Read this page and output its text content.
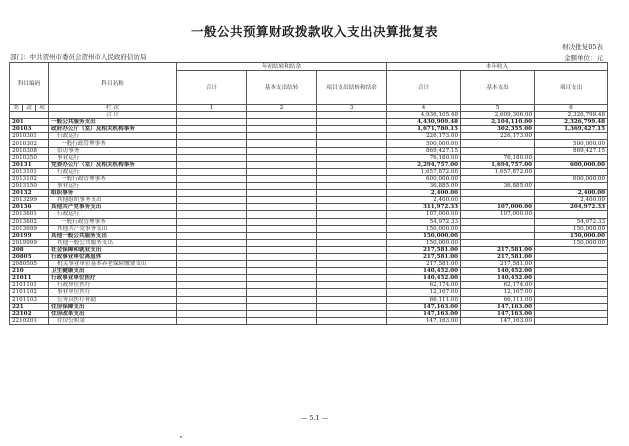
一般公共预算财政拨款收入支出决算批复表
部门：中共贺州市委员会贺州市人民政府信访局
财决批复05表
金额单位：元
科目编码			科目名称	年初结转和结余			本年收入		
				合计	基本支出结转	项目支出结转和结余	合计	基本支出	项目支出
类	款	项	栏 次	1	2	3	4	5	6
			合 计				4,936,105.48	2,609,306.00	2,326,799.48
201			一般公共服务支出				4,430,909.48	2,104,110.00	2,326,799.48
20103			政府办公厅（室）及相关机构事务				1,671,780.15	302,355.00	1,369,427.15
2010301			行政运行				226,173.00	226,173.00	
2010302			一般行政管理事务				500,000.00		500,000.00
2010308			信访事务				869,427.15		869,427.15
2010350			事业运行				76,180.00	76,180.00	
20131			党委办公厅（室）及相关机构事务				2,294,757.00	1,694,757.00	600,000.00
2013101			行政运行				1,657,872.00	1,657,872.00	
2013102			一般行政管理事务				600,000.00		600,000.00
2013150			事业运行				36,885.00	36,885.00	
20132			组织事务				2,400.00		2,400.00
2013299			其他组织事务支出				2,400.00		2,400.00
20136			其他共产党事务支出				311,972.33	107,000.00	204,972.33
2013601			行政运行				107,000.00	107,000.00	
2013602			一般行政管理事务				54,972.33		54,972.33
2013699			其他共产党事务支出				150,000.00		150,000.00
20199			其他一般公共服务支出				150,000.00		150,000.00
2019999			其他一般公共服务支出				150,000.00		150,000.00
208			社会保障和就业支出				217,581.00	217,581.00	
20805			行政事业单位离退休				217,581.00	217,581.00	
2080505			机关事业单位基本养老保险缴费支出				217,581.00	217,581.00	
210			卫生健康支出				140,452.00	140,452.00	
21011			行政事业单位医疗				140,452.00	140,452.00	
2101101			行政单位医疗				62,174.00	62,174.00	
2101102			事业单位医疗				12,167.00	12,167.00	
2101103			公务员医疗补助				66,111.00	66,111.00	
221			住房保障支出				147,163.00	147,163.00	
22102			住房改革支出				147,163.00	147,163.00	
2210201			住房公积金				147,163.00	147,163.00	
— 5.1 —
